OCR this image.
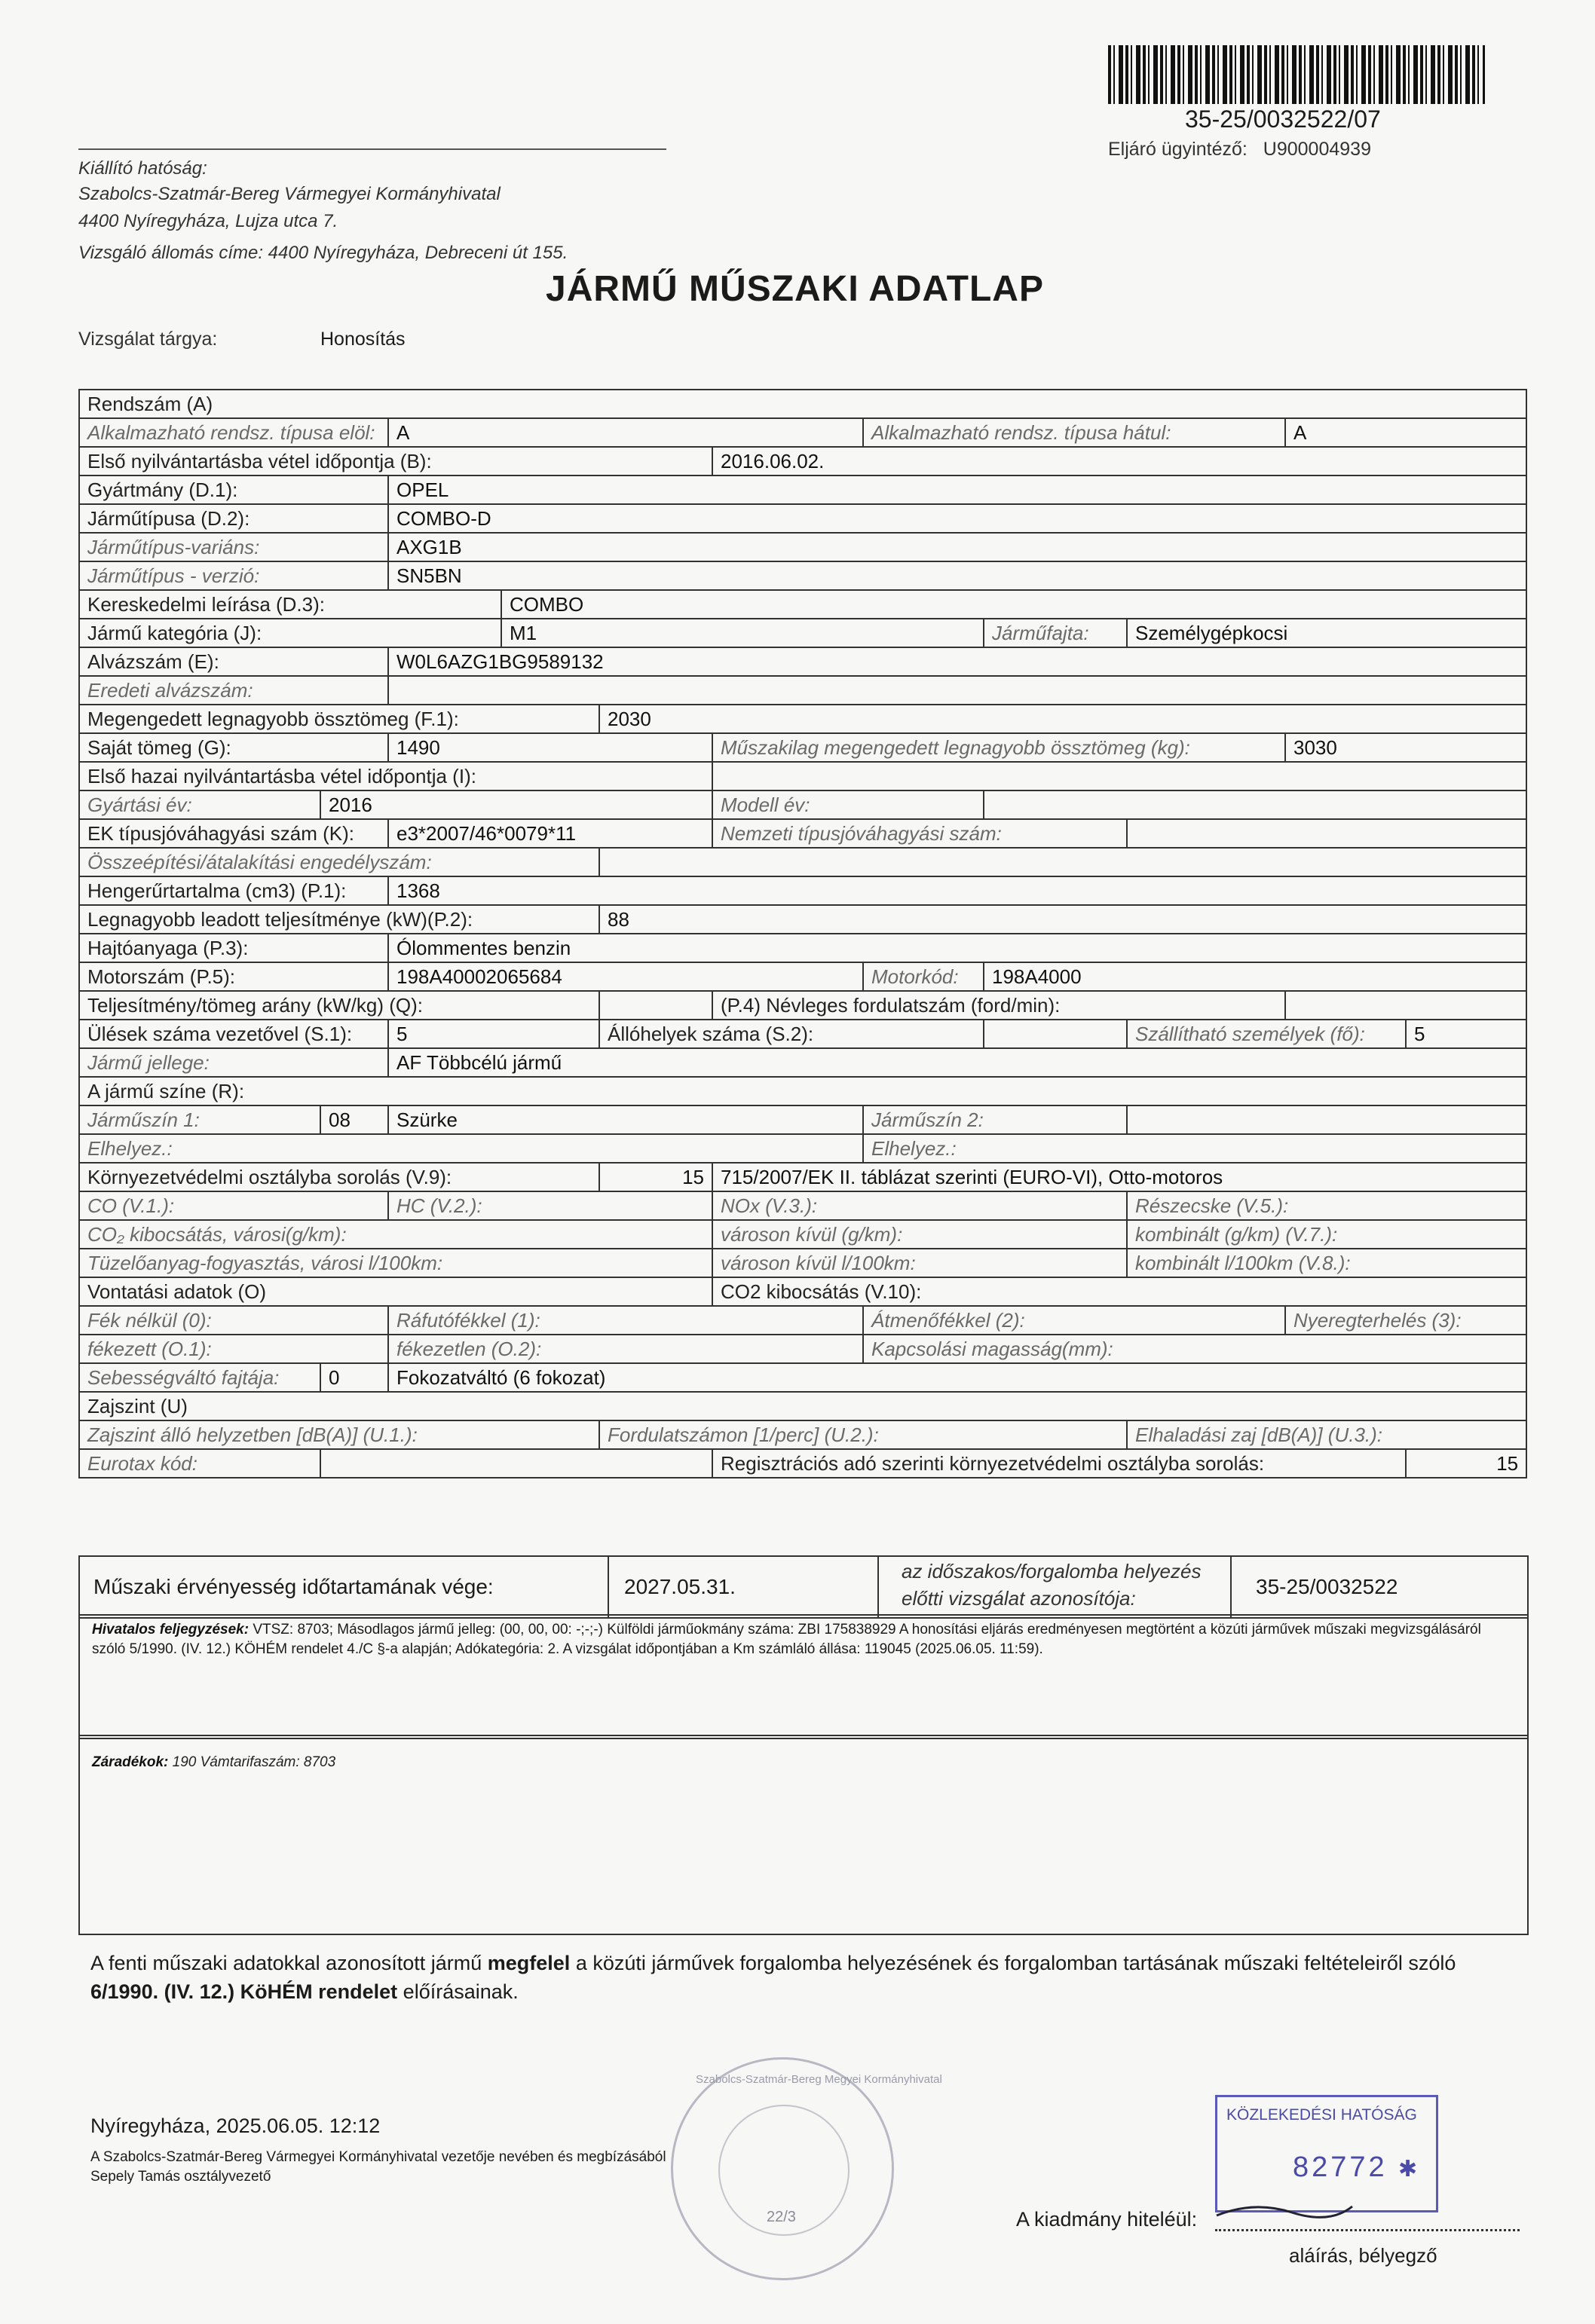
35-25/0032522/07
Eljáró ügyintéző: U900004939
Kiállító hatóság:
Szabolcs-Szatmár-Bereg Vármegyei Kormányhivatal
4400 Nyíregyháza, Lujza utca 7.
Vizsgáló állomás címe: 4400 Nyíregyháza, Debreceni út 155.
JÁRMŰ MŰSZAKI ADATLAP
Vizsgálat tárgya:	Honosítás
Rendszám (A)										
Alkalmazható rendsz. típusa elöl:		A				Alkalmazható rendsz. típusa hátul:			A	
Első nyilvántartásba vétel időpontja (B):					2016.06.02.					
Gyártmány (D.1):		OPEL								
Járműtípusa (D.2):		COMBO-D								
Járműtípus-variáns:		AXG1B								
Járműtípus - verzió:		SN5BN								
Kereskedelmi leírása (D.3):			COMBO							
Jármű kategória (J):			M1				Járműfajta:	Személygépkocsi		
Alvázszám (E):		W0L6AZG1BG9589132								
Eredeti alvázszám:										
Megengedett legnagyobb össztömeg (F.1):				2030						
Saját tömeg (G):		1490			Műszakilag megengedett legnagyobb össztömeg (kg):				3030	
Első hazai nyilvántartásba vétel időpontja (I):										
Gyártási év:	2016				Modell év:					
EK típusjóváhagyási szám (K):		e3*2007/46*0079*11			Nemzeti típusjóváhagyási szám:					
Összeépítési/átalakítási engedélyszám:										
Hengerűrtartalma (cm3) (P.1):		1368								
Legnagyobb leadott teljesítménye (kW)(P.2):				88						
Hajtóanyaga (P.3):		Ólommentes benzin								
Motorszám (P.5):		198A40002065684				Motorkód:	198A4000			
Teljesítmény/tömeg arány (kW/kg) (Q):					(P.4) Névleges fordulatszám (ford/min):					
Ülések száma vezetővel (S.1):		5		Állóhelyek száma (S.2):				Szállítható személyek (fő):		5
Jármű jellege:		AF Többcélú jármű								
A jármű színe (R):										
Járműszín 1:	08	Szürke				Járműszín 2:				
Elhelyez.:						Elhelyez.:				
Környezetvédelmi osztályba sorolás (V.9):				15	715/2007/EK II. táblázat szerinti (EURO-VI), Otto-motoros					
CO (V.1.):		HC (V.2.):			NOx (V.3.):			Részecske (V.5.):		
CO₂ kibocsátás, városi(g/km):					városon kívül (g/km):			kombinált (g/km) (V.7.):		
Tüzelőanyag-fogyasztás, városi l/100km:					városon kívül l/100km:			kombinált l/100km (V.8.):		
Vontatási adatok (O)					CO2 kibocsátás (V.10):					
Fék nélkül (0):		Ráfutófékkel (1):				Átmenőfékkel (2):			Nyeregterhelés (3):	
fékezett (O.1):		fékezetlen (O.2):				Kapcsolási magasság(mm):				
Sebességváltó fajtája:	0	Fokozatváltó (6 fokozat)								
Zajszint (U)										
Zajszint álló helyzetben [dB(A)] (U.1.):				Fordulatszámon [1/perc] (U.2.):				Elhaladási zaj [dB(A)] (U.3.):		
Eurotax kód:					Regisztrációs adó szerinti környezetvédelmi osztályba sorolás:					15
Műszaki érvényesség időtartamának vége:	2027.05.31.
az időszakos/forgalomba helyezés
előtti vizsgálat azonosítója:	35-25/0032522
Hivatalos feljegyzések: VTSZ: 8703; Másodlagos jármű jelleg: (00, 00, 00: -;-;-) Külföldi járműokmány száma: ZBI 175838929 A honosítási eljárás eredményesen megtörtént a közúti járművek műszaki megvizsgálásáról szóló 5/1990. (IV. 12.) KÖHÉM rendelet 4./C §-a alapján; Adókategória: 2. A vizsgálat időpontjában a Km számláló állása: 119045 (2025.06.05. 11:59).
Záradékok: 190 Vámtarifaszám: 8703
A fenti műszaki adatokkal azonosított jármű megfelel a közúti járművek forgalomba helyezésének és forgalomban tartásának műszaki feltételeiről szóló 6/1990. (IV. 12.) KöHÉM rendelet előírásainak.
Nyíregyháza, 2025.06.05. 12:12
A Szabolcs-Szatmár-Bereg Vármegyei Kormányhivatal vezetője nevében és megbízásából
Sepely Tamás osztályvezető
Szabolcs-Szatmár-Bereg Megyei Kormányhivatal
22/3
KÖZLEKEDÉSI HATÓSÁG
82772 ✱
A kiadmány hiteléül:
aláírás, bélyegző
